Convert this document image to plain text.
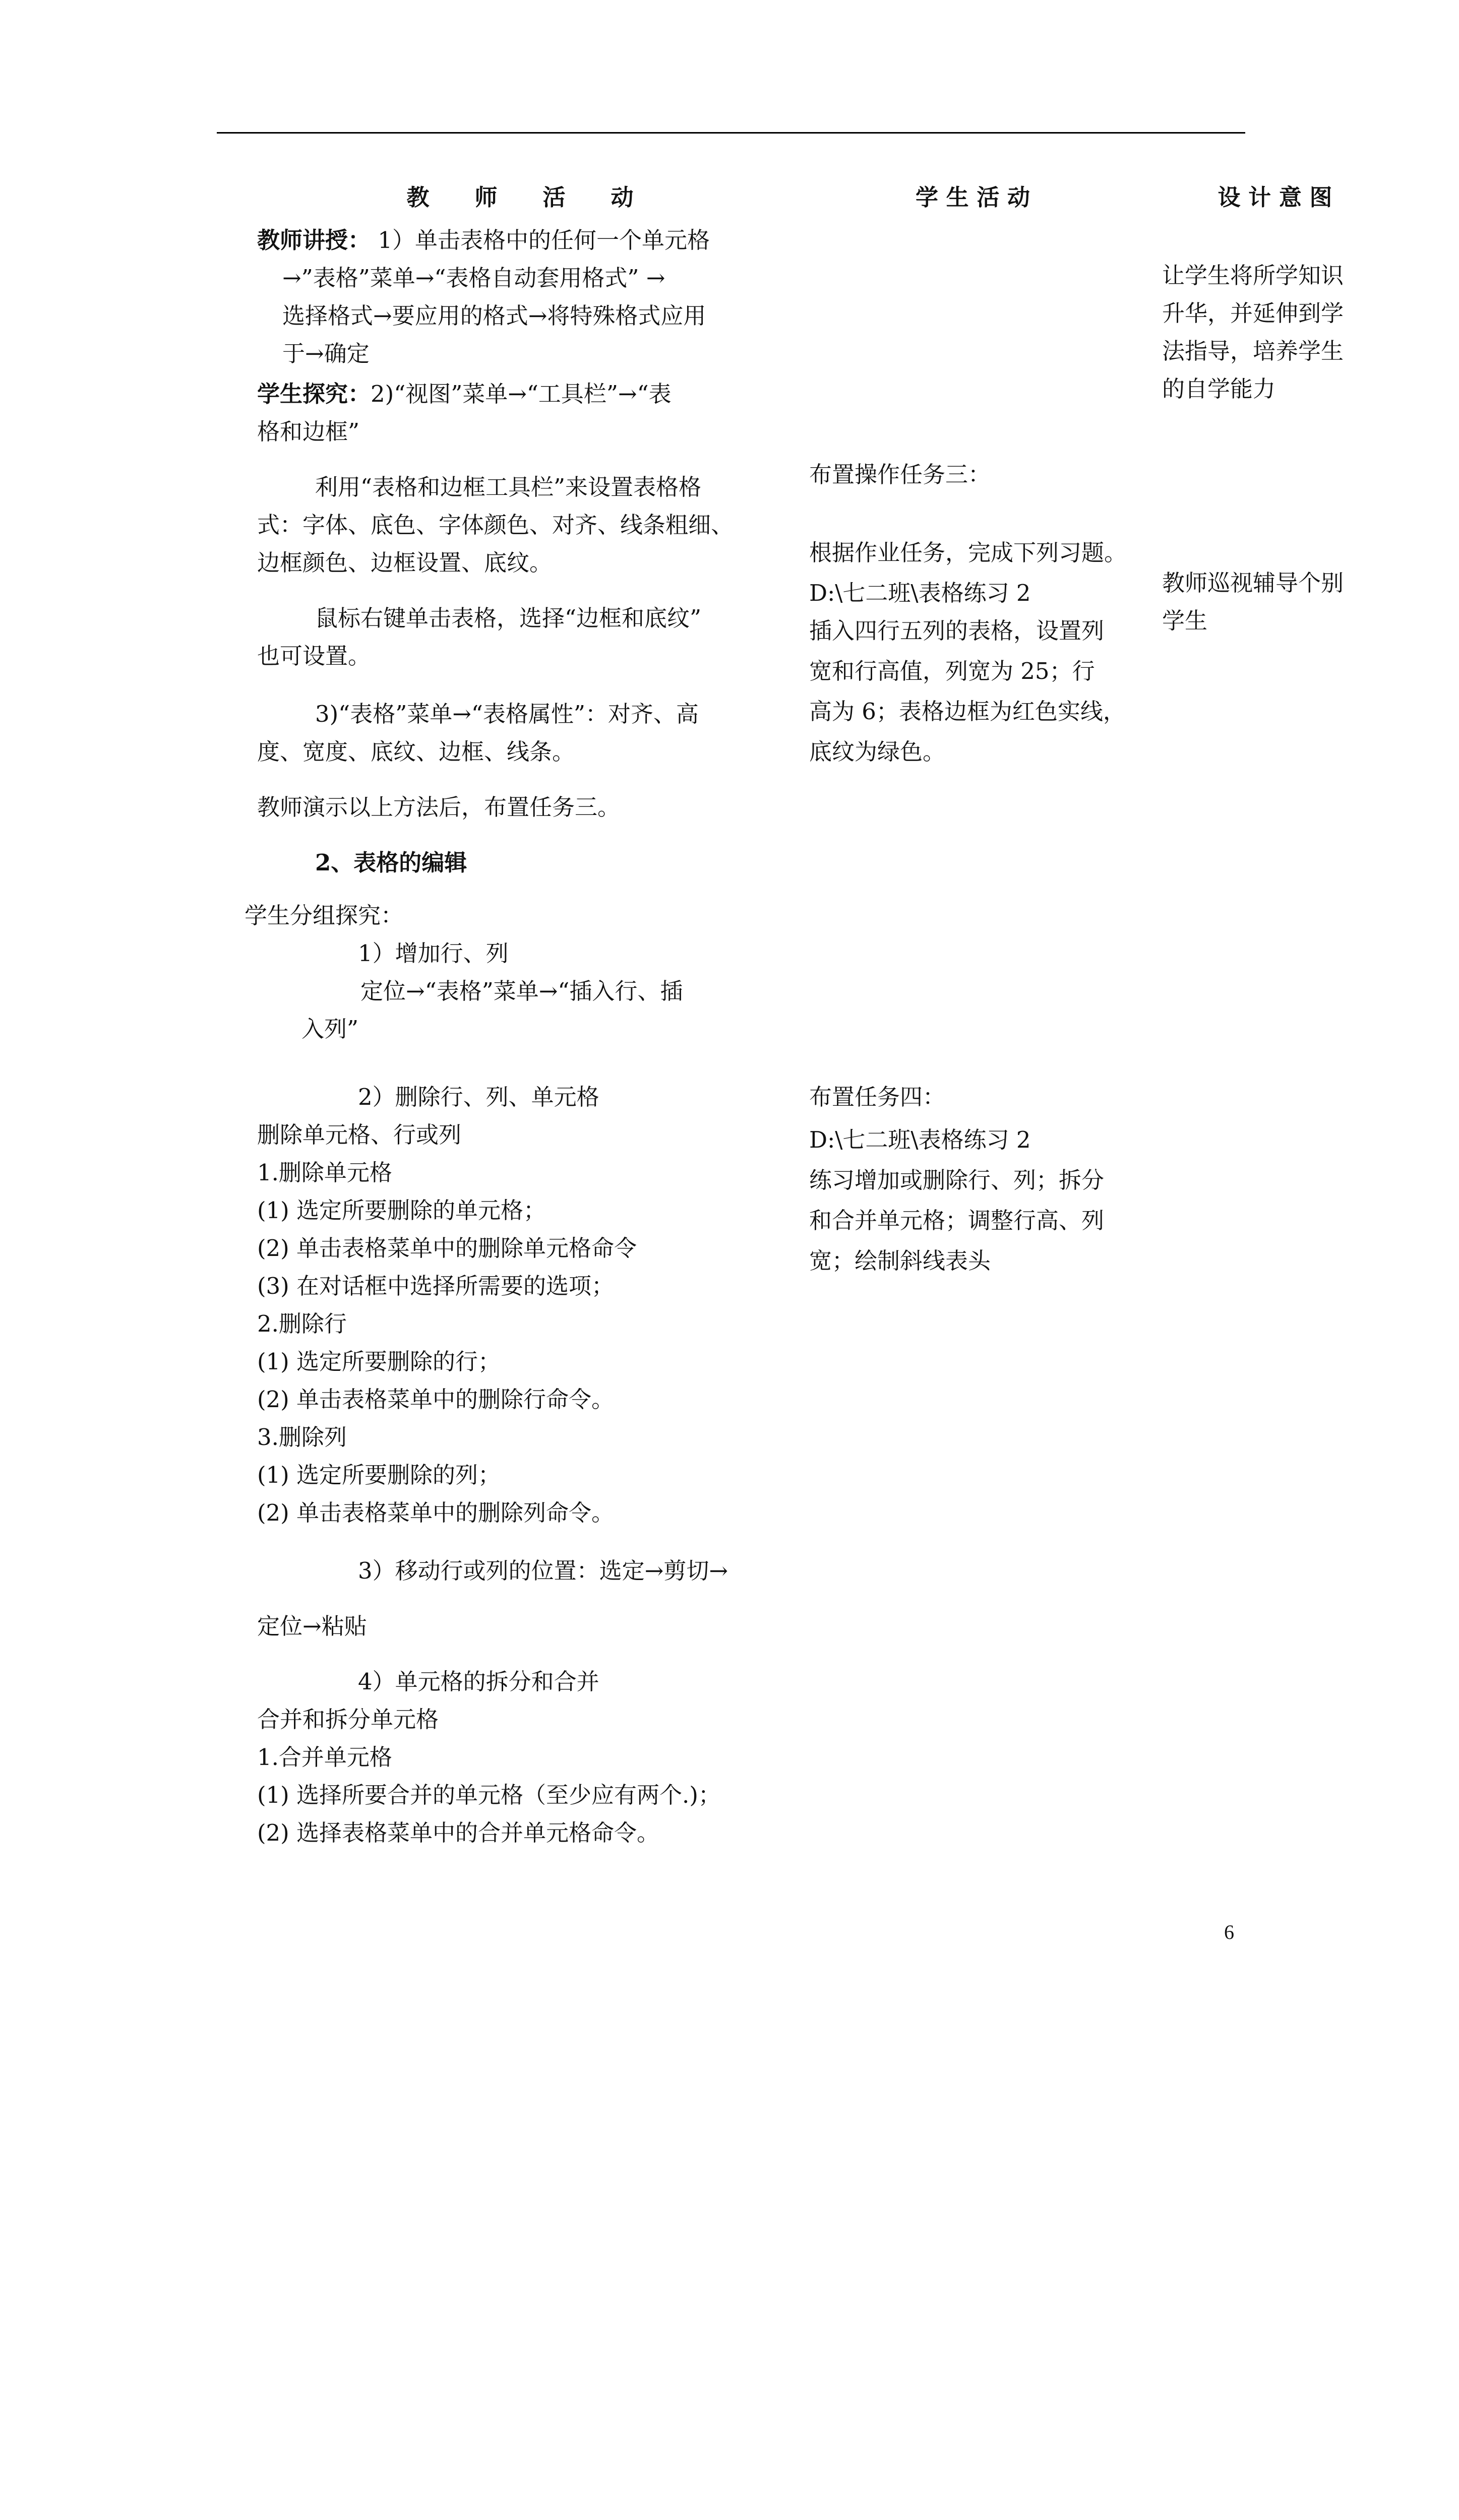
教　　师　　活　　动	学 生 活 动	设 计 意 图
教师讲授： 1）单击表格中的任何一个单元格
→”表格”菜单→“表格自动套用格式” →
选择格式→要应用的格式→将特殊格式应用
于→确定
学生探究：2)“视图”菜单→“工具栏”→“表
格和边框”
利用“表格和边框工具栏”来设置表格格
式：字体、底色、字体颜色、对齐、线条粗细、
边框颜色、边框设置、底纹。
鼠标右键单击表格，选择“边框和底纹”
也可设置。
3)“表格”菜单→“表格属性”：对齐、高
度、宽度、底纹、边框、线条。
教师演示以上方法后，布置任务三。
2、表格的编辑
学生分组探究：
1）增加行、列
定位→“表格”菜单→“插入行、插
入列”
2）删除行、列、单元格
删除单元格、行或列
1.删除单元格
(1) 选定所要删除的单元格；
(2) 单击表格菜单中的删除单元格命令
(3) 在对话框中选择所需要的选项；
2.删除行
(1) 选定所要删除的行；
(2) 单击表格菜单中的删除行命令。
3.删除列
(1) 选定所要删除的列；
(2) 单击表格菜单中的删除列命令。
3）移动行或列的位置：选定→剪切→
定位→粘贴
4）单元格的拆分和合并
合并和拆分单元格
1.合并单元格
(1) 选择所要合并的单元格（至少应有两个.)；
(2) 选择表格菜单中的合并单元格命令。
布置操作任务三：
根据作业任务，完成下列习题。
D:\七二班\表格练习 2
插入四行五列的表格，设置列
宽和行高值，列宽为 25；行
高为 6；表格边框为红色实线，
底纹为绿色。
布置任务四：
D:\七二班\表格练习 2
练习增加或删除行、列；拆分
和合并单元格；调整行高、列
宽；绘制斜线表头
让学生将所学知识
升华，并延伸到学
法指导，培养学生
的自学能力
教师巡视辅导个别
学生
6
